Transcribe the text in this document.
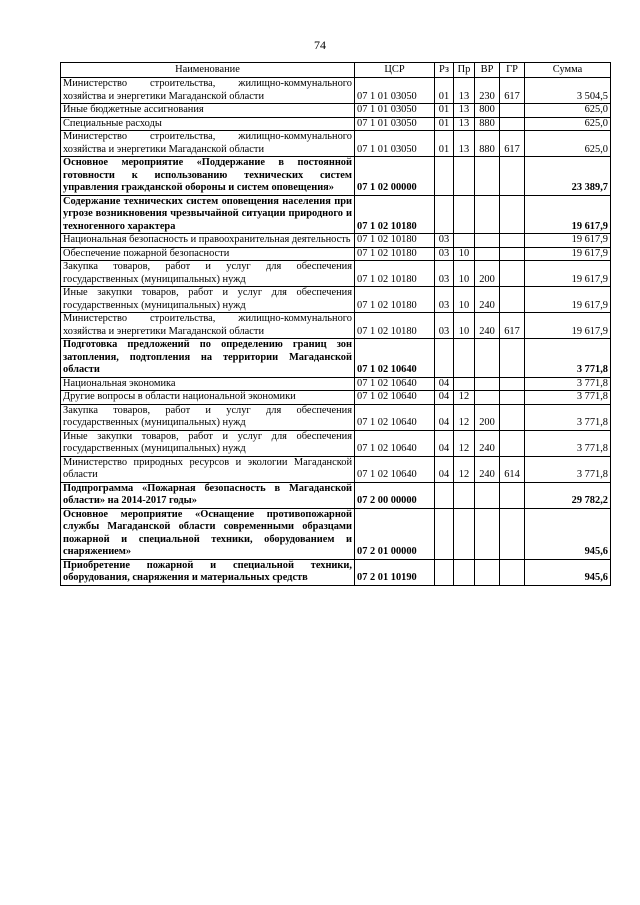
74
Наименование	ЦСР	Рз	Пр	ВР	ГР	Сумма
Министерство строительства, жилищно-коммунального хозяйства и энергетики Магаданской области	07 1 01 03050	01	13	230	617	3 504,5
Иные бюджетные ассигнования	07 1 01 03050	01	13	800		625,0
Специальные расходы	07 1 01 03050	01	13	880		625,0
Министерство строительства, жилищно-коммунального хозяйства и энергетики Магаданской области	07 1 01 03050	01	13	880	617	625,0
Основное мероприятие «Поддержание в постоянной готовности к использованию технических систем управления гражданской обороны и систем оповещения»	07 1 02 00000					23 389,7
Содержание технических систем оповещения населения при угрозе возникновения чрезвычайной ситуации природного и техногенного характера	07 1 02 10180					19 617,9
Национальная безопасность и правоохранительная деятельность	07 1 02 10180	03				19 617,9
Обеспечение пожарной безопасности	07 1 02 10180	03	10			19 617,9
Закупка товаров, работ и услуг для обеспечения государственных (муниципальных) нужд	07 1 02 10180	03	10	200		19 617,9
Иные закупки товаров, работ и услуг для обеспечения государственных (муниципальных) нужд	07 1 02 10180	03	10	240		19 617,9
Министерство строительства, жилищно-коммунального хозяйства и энергетики Магаданской области	07 1 02 10180	03	10	240	617	19 617,9
Подготовка предложений по определению границ зон затопления, подтопления на территории Магаданской области	07 1 02 10640					3 771,8
Национальная экономика	07 1 02 10640	04				3 771,8
Другие вопросы в области национальной экономики	07 1 02 10640	04	12			3 771,8
Закупка товаров, работ и услуг для обеспечения государственных (муниципальных) нужд	07 1 02 10640	04	12	200		3 771,8
Иные закупки товаров, работ и услуг для обеспечения государственных (муниципальных) нужд	07 1 02 10640	04	12	240		3 771,8
Министерство природных ресурсов и экологии Магаданской области	07 1 02 10640	04	12	240	614	3 771,8
Подпрограмма «Пожарная безопасность в Магаданской области» на 2014-2017 годы»	07 2 00 00000					29 782,2
Основное мероприятие «Оснащение противопожарной службы Магаданской области современными образцами пожарной и специальной техники, оборудованием и снаряжением»	07 2 01 00000					945,6
Приобретение пожарной и специальной техники, оборудования, снаряжения и материальных средств	07 2 01 10190					945,6
